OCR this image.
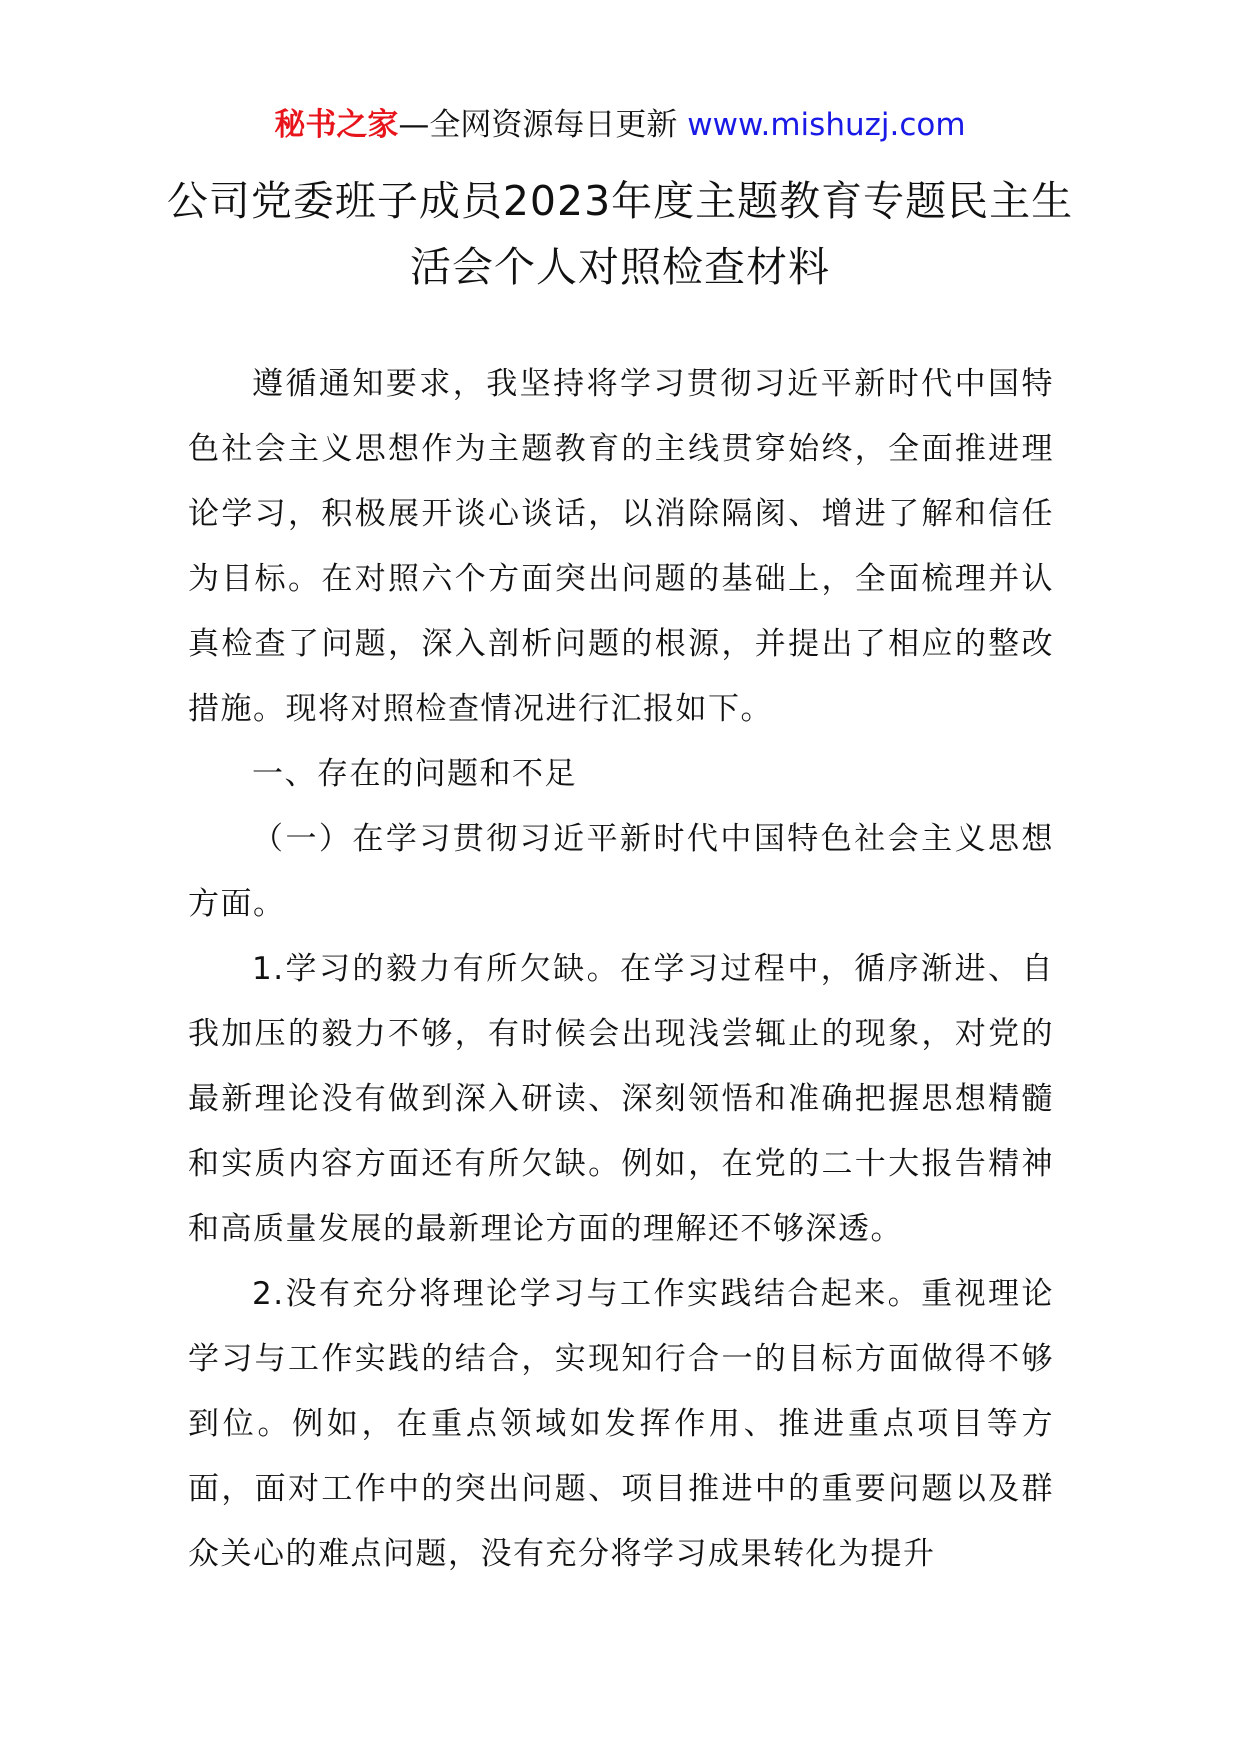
秘书之家—全网资源每日更新 www.mishuzj.com
公司党委班子成员2023年度主题教育专题民主生活会个人对照检查材料

遵循通知要求，我坚持将学习贯彻习近平新时代中国特色社会主义思想作为主题教育的主线贯穿始终，全面推进理论学习，积极展开谈心谈话，以消除隔阂、增进了解和信任为目标。在对照六个方面突出问题的基础上，全面梳理并认真检查了问题，深入剖析问题的根源，并提出了相应的整改措施。现将对照检查情况进行汇报如下。

一、存在的问题和不足

（一）在学习贯彻习近平新时代中国特色社会主义思想方面。

1.学习的毅力有所欠缺。在学习过程中，循序渐进、自我加压的毅力不够，有时候会出现浅尝辄止的现象，对党的最新理论没有做到深入研读、深刻领悟和准确把握思想精髓和实质内容方面还有所欠缺。例如，在党的二十大报告精神和高质量发展的最新理论方面的理解还不够深透。

2.没有充分将理论学习与工作实践结合起来。重视理论学习与工作实践的结合，实现知行合一的目标方面做得不够到位。例如，在重点领域如发挥作用、推进重点项目等方面，面对工作中的突出问题、项目推进中的重要问题以及群众关心的难点问题，没有充分将学习成果转化为提升
